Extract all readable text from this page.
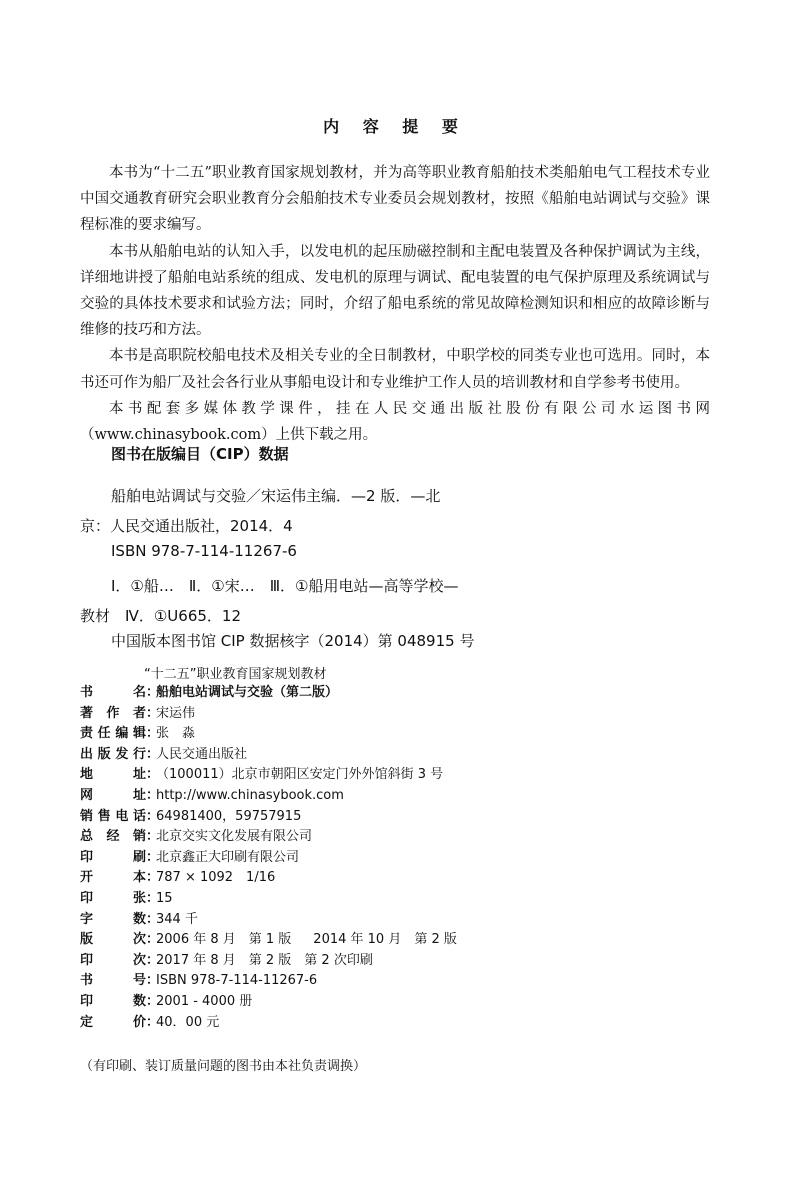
内 容 提 要

本书为“十二五”职业教育国家规划教材，并为高等职业教育船舶技术类船舶电气工程技术专业中国交通教育研究会职业教育分会船舶技术专业委员会规划教材，按照《船舶电站调试与交验》课程标准的要求编写。

本书从船舶电站的认知入手，以发电机的起压励磁控制和主配电装置及各种保护调试为主线，详细地讲授了船舶电站系统的组成、发电机的原理与调试、配电装置的电气保护原理及系统调试与交验的具体技术要求和试验方法；同时，介绍了船电系统的常见故障检测知识和相应的故障诊断与维修的技巧和方法。

本书是高职院校船电技术及相关专业的全日制教材，中职学校的同类专业也可选用。同时，本书还可作为船厂及社会各行业从事船电设计和专业维护工作人员的培训教材和自学参考书使用。

本书配套多媒体教学课件，挂在人民交通出版社股份有限公司水运图书网（www.chinasybook.com）上供下载之用。

图书在版编目（CIP）数据

船舶电站调试与交验／宋运伟主编．—2 版．—北

京：人民交通出版社，2014．4

ISBN 978-7-114-11267-6

Ⅰ．①船…　Ⅱ．①宋…　Ⅲ．①船用电站—高等学校—

教材　Ⅳ．①U665．12

中国版本图书馆 CIP 数据核字（2014）第 048915 号

“十二五”职业教育国家规划教材
书　名 ：
船舶电站调试与交验（第二版）
著 作 者 ：
宋运伟
责任编辑 ：
张　淼
出版发行 ：
人民交通出版社
地　址 ：
（100011）北京市朝阳区安定门外外馆斜街 3 号
网　址 ：
http://www.chinasybook.com
销售电话 ：
64981400，59757915
总 经 销 ：
北京交实文化发展有限公司
印　刷 ：
北京鑫正大印刷有限公司
开　本 ：
787 × 1092　1/16
印　张 ：
15
字　数 ：
344 千
版　次 ：
2006 年 8 月　第 1 版 2014 年 10 月　第 2 版
印　次 ：
2017 年 8 月　第 2 版　第 2 次印刷
书　号 ：
ISBN 978-7-114-11267-6
印　数 ：
2001 - 4000 册
定　价 ：
40．00 元
（有印刷、装订质量问题的图书由本社负责调换）
